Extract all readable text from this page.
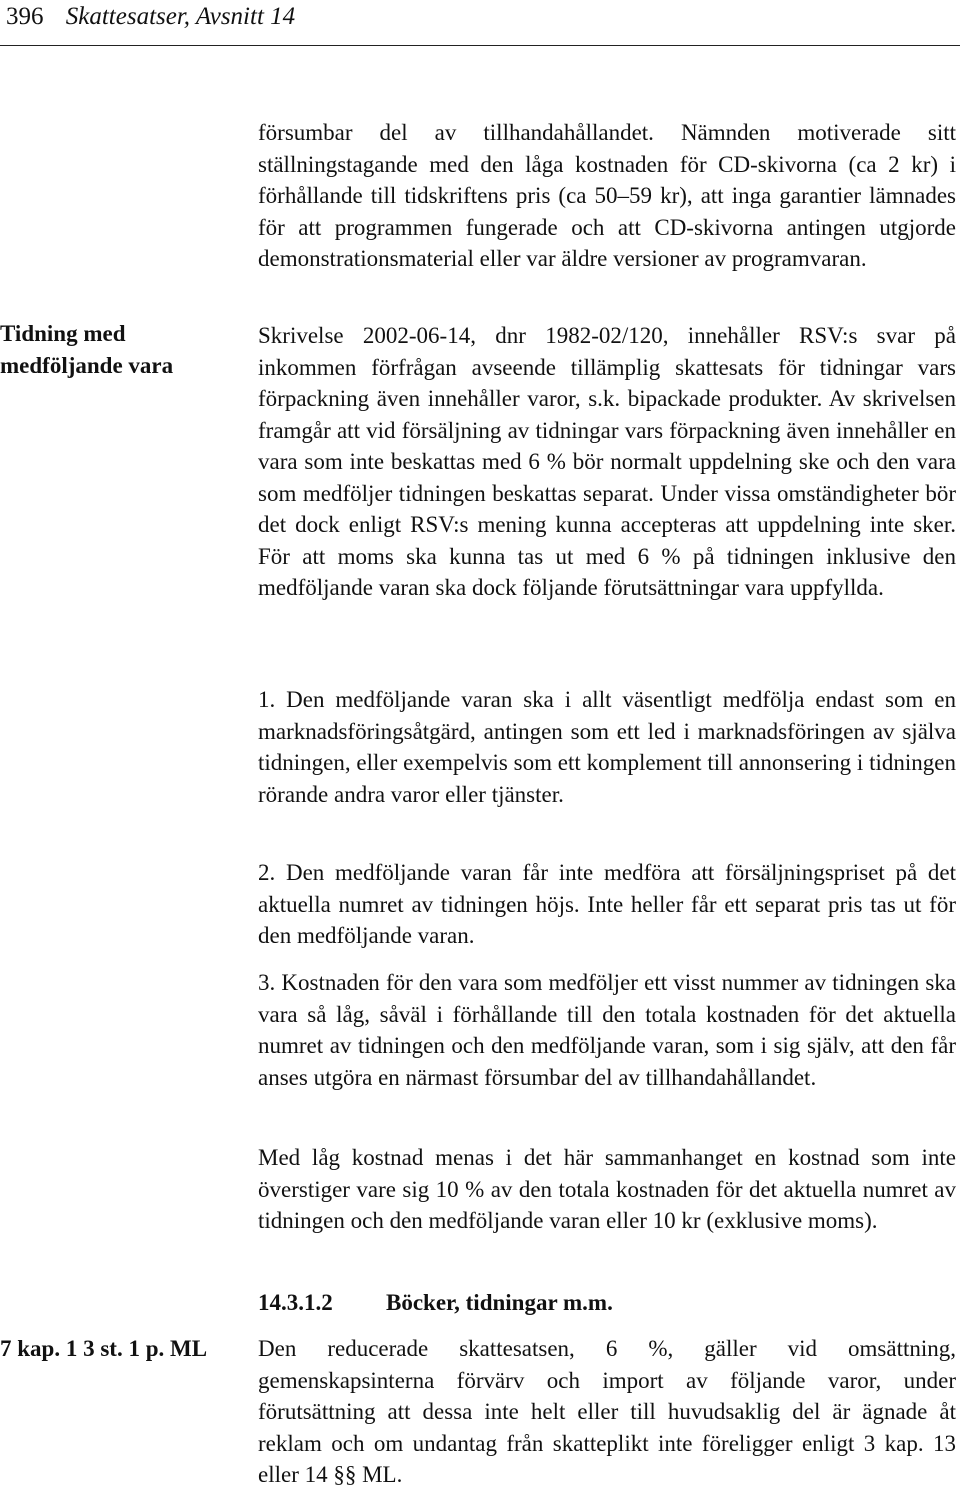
396 Skattesatser, Avsnitt 14
Tidning med medföljande vara
7 kap. 1 3 st. 1 p. ML

försumbar del av tillhandahållandet. Nämnden motiverade sitt ställningstagande med den låga kostnaden för CD-skivorna (ca 2 kr) i förhållande till tidskriftens pris (ca 50–59 kr), att inga garantier lämnades för att programmen fungerade och att CD-skivorna antingen utgjorde demonstrationsmaterial eller var äldre versioner av programvaran.

Skrivelse 2002-06-14, dnr 1982-02/120, innehåller RSV:s svar på inkommen förfrågan avseende tillämplig skattesats för tidningar vars förpackning även innehåller varor, s.k. bipackade produkter. Av skrivelsen framgår att vid försäljning av tidningar vars förpackning även innehåller en vara som inte beskattas med 6 % bör normalt uppdelning ske och den vara som medföljer tidningen beskattas separat. Under vissa omständigheter bör det dock enligt RSV:s mening kunna accepteras att uppdelning inte sker. För att moms ska kunna tas ut med 6 % på tidningen inklusive den medföljande varan ska dock följande förutsättningar vara uppfyllda.

1. Den medföljande varan ska i allt väsentligt medfölja endast som en marknadsföringsåtgärd, antingen som ett led i marknadsföringen av själva tidningen, eller exempelvis som ett komplement till annonsering i tidningen rörande andra varor eller tjänster.

2. Den medföljande varan får inte medföra att försäljningspriset på det aktuella numret av tidningen höjs. Inte heller får ett separat pris tas ut för den medföljande varan.

3. Kostnaden för den vara som medföljer ett visst nummer av tidningen ska vara så låg, såväl i förhållande till den totala kostnaden för det aktuella numret av tidningen och den medföljande varan, som i sig själv, att den får anses utgöra en närmast försumbar del av tillhandahållandet.

Med låg kostnad menas i det här sammanhanget en kostnad som inte överstiger vare sig 10 % av den totala kostnaden för det aktuella numret av tidningen och den medföljande varan eller 10 kr (exklusive moms).

14.3.1.2 Böcker, tidningar m.m.

Den reducerade skattesatsen, 6 %, gäller vid omsättning, gemenskapsinterna förvärv och import av följande varor, under förutsättning att dessa inte helt eller till huvudsaklig del är ägnade åt reklam och om undantag från skatteplikt inte föreligger enligt 3 kap. 13 eller 14 §§ ML.
